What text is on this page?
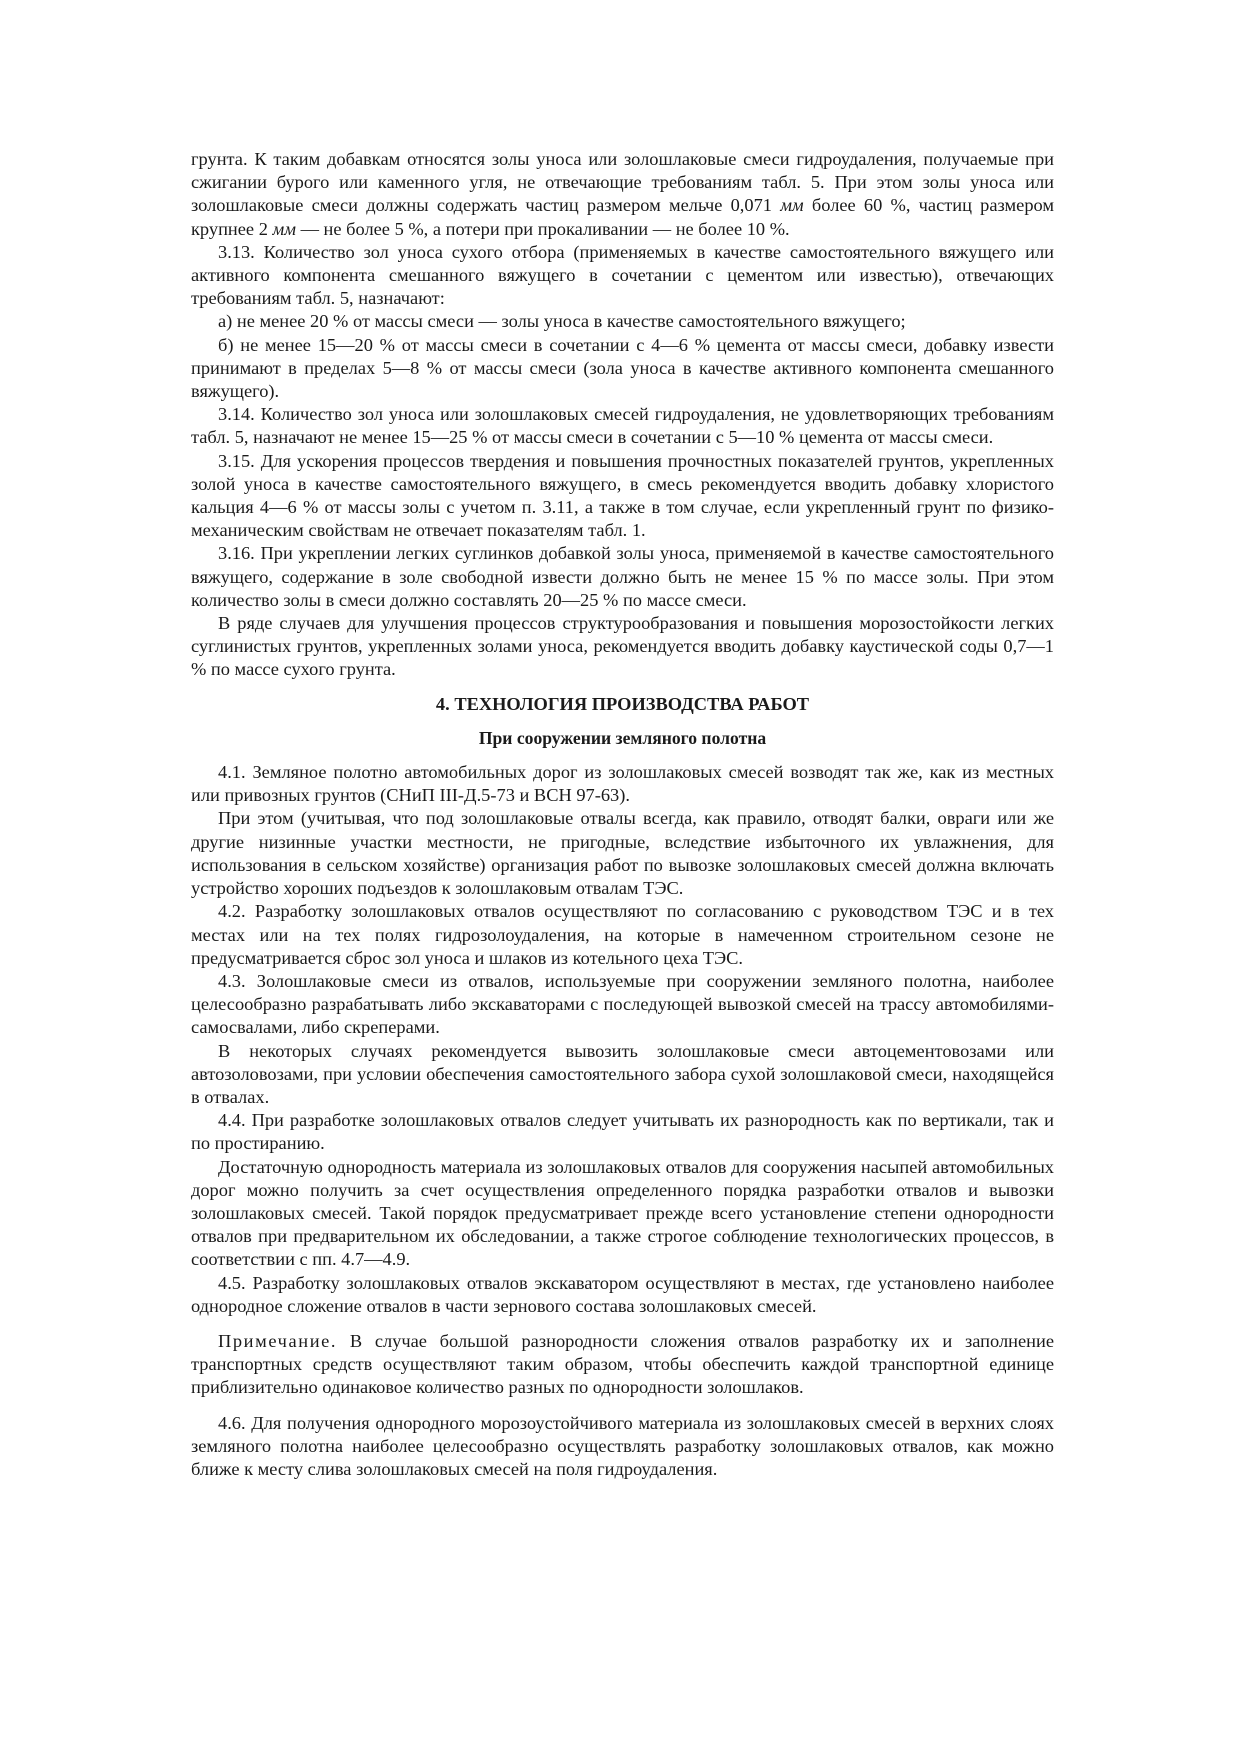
грунта. К таким добавкам относятся золы уноса или золошлаковые смеси гидроудаления, получаемые при сжигании бурого или каменного угля, не отвечающие требованиям табл. 5. При этом золы уноса или золошлаковые смеси должны содержать частиц размером мельче 0,071 мм более 60 %, частиц размером крупнее 2 мм — не более 5 %, а потери при прокаливании — не более 10 %.

3.13. Количество зол уноса сухого отбора (применяемых в качестве самостоятельного вяжущего или активного компонента смешанного вяжущего в сочетании с цементом или известью), отвечающих требованиям табл. 5, назначают:

а) не менее 20 % от массы смеси — золы уноса в качестве самостоятельного вяжущего;

б) не менее 15—20 % от массы смеси в сочетании с 4—6 % цемента от массы смеси, добавку извести принимают в пределах 5—8 % от массы смеси (зола уноса в качестве активного компонента смешанного вяжущего).

3.14. Количество зол уноса или золошлаковых смесей гидроудаления, не удовлетворяющих требованиям табл. 5, назначают не менее 15—25 % от массы смеси в сочетании с 5—10 % цемента от массы смеси.

3.15. Для ускорения процессов твердения и повышения прочностных показателей грунтов, укрепленных золой уноса в качестве самостоятельного вяжущего, в смесь рекомендуется вводить добавку хлористого кальция 4—6 % от массы золы с учетом п. 3.11, а также в том случае, если укрепленный грунт по физико-механическим свойствам не отвечает показателям табл. 1.

3.16. При укреплении легких суглинков добавкой золы уноса, применяемой в качестве самостоятельного вяжущего, содержание в золе свободной извести должно быть не менее 15 % по массе золы. При этом количество золы в смеси должно составлять 20—25 % по массе смеси.

В ряде случаев для улучшения процессов структурообразования и повышения морозостойкости легких суглинистых грунтов, укрепленных золами уноса, рекомендуется вводить добавку каустической соды 0,7—1 % по массе сухого грунта.

4. ТЕХНОЛОГИЯ ПРОИЗВОДСТВА РАБОТ
При сооружении земляного полотна

4.1. Земляное полотно автомобильных дорог из золошлаковых смесей возводят так же, как из местных или привозных грунтов (СНиП III-Д.5-73 и ВСН 97-63).

При этом (учитывая, что под золошлаковые отвалы всегда, как правило, отводят балки, овраги или же другие низинные участки местности, не пригодные, вследствие избыточного их увлажнения, для использования в сельском хозяйстве) организация работ по вывозке золошлаковых смесей должна включать устройство хороших подъездов к золошлаковым отвалам ТЭС.

4.2. Разработку золошлаковых отвалов осуществляют по согласованию с руководством ТЭС и в тех местах или на тех полях гидрозолоудаления, на которые в намеченном строительном сезоне не предусматривается сброс зол уноса и шлаков из котельного цеха ТЭС.

4.3. Золошлаковые смеси из отвалов, используемые при сооружении земляного полотна, наиболее целесообразно разрабатывать либо экскаваторами с последующей вывозкой смесей на трассу автомобилями-самосвалами, либо скреперами.

В некоторых случаях рекомендуется вывозить золошлаковые смеси автоцементовозами или автозоловозами, при условии обеспечения самостоятельного забора сухой золошлаковой смеси, находящейся в отвалах.

4.4. При разработке золошлаковых отвалов следует учитывать их разнородность как по вертикали, так и по простиранию.

Достаточную однородность материала из золошлаковых отвалов для сооружения насыпей автомобильных дорог можно получить за счет осуществления определенного порядка разработки отвалов и вывозки золошлаковых смесей. Такой порядок предусматривает прежде всего установление степени однородности отвалов при предварительном их обследовании, а также строгое соблюдение технологических процессов, в соответствии с пп. 4.7—4.9.

4.5. Разработку золошлаковых отвалов экскаватором осуществляют в местах, где установлено наиболее однородное сложение отвалов в части зернового состава золошлаковых смесей.

Примечание. В случае большой разнородности сложения отвалов разработку их и заполнение транспортных средств осуществляют таким образом, чтобы обеспечить каждой транспортной единице приблизительно одинаковое количество разных по однородности золошлаков.

4.6. Для получения однородного морозоустойчивого материала из золошлаковых смесей в верхних слоях земляного полотна наиболее целесообразно осуществлять разработку золошлаковых отвалов, как можно ближе к месту слива золошлаковых смесей на поля гидроудаления.
